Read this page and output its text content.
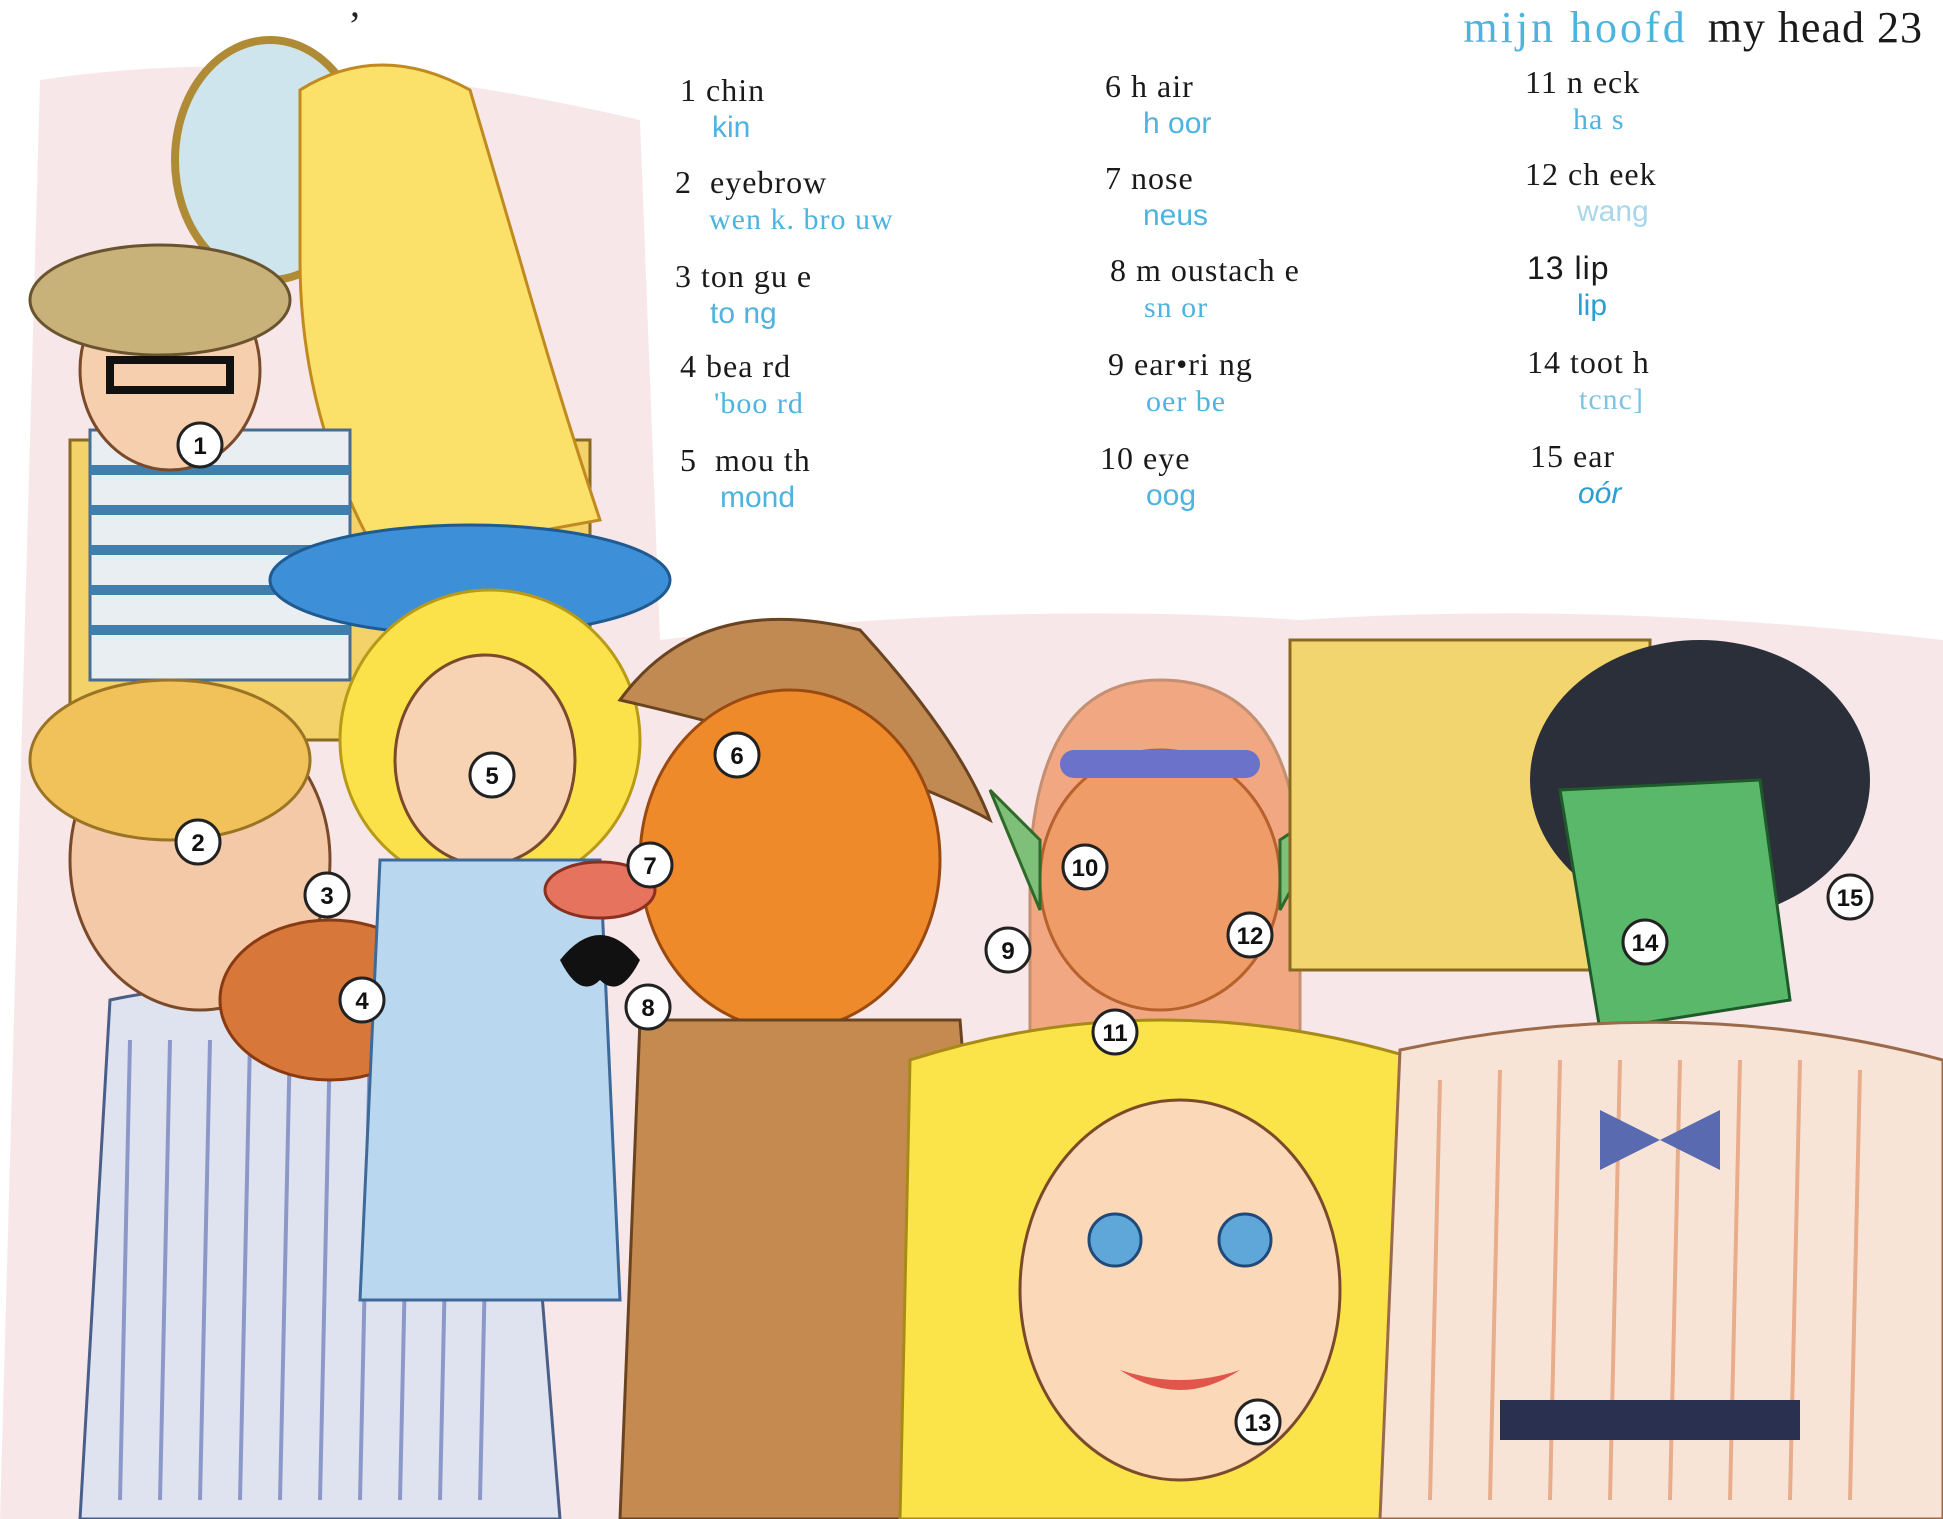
1
2
3
4
5
6
7
8
9
10
11
12
13
14
15
’	mijn hoofd my head 23
1 chin
kin
2 eyebrow
wen k. bro uw
3 ton gu e
to ng
4 bea rd
'boo rd
5 mou th
mond
6 h air
h oor
7 nose
neus
8 m oustach e
sn or
9 ear•ri ng
oer be
10 eye
oog
11 n eck
ha s
12 ch eek
wang
13 lip
lip
14 toot h
tcnc]
15 ear
oór
